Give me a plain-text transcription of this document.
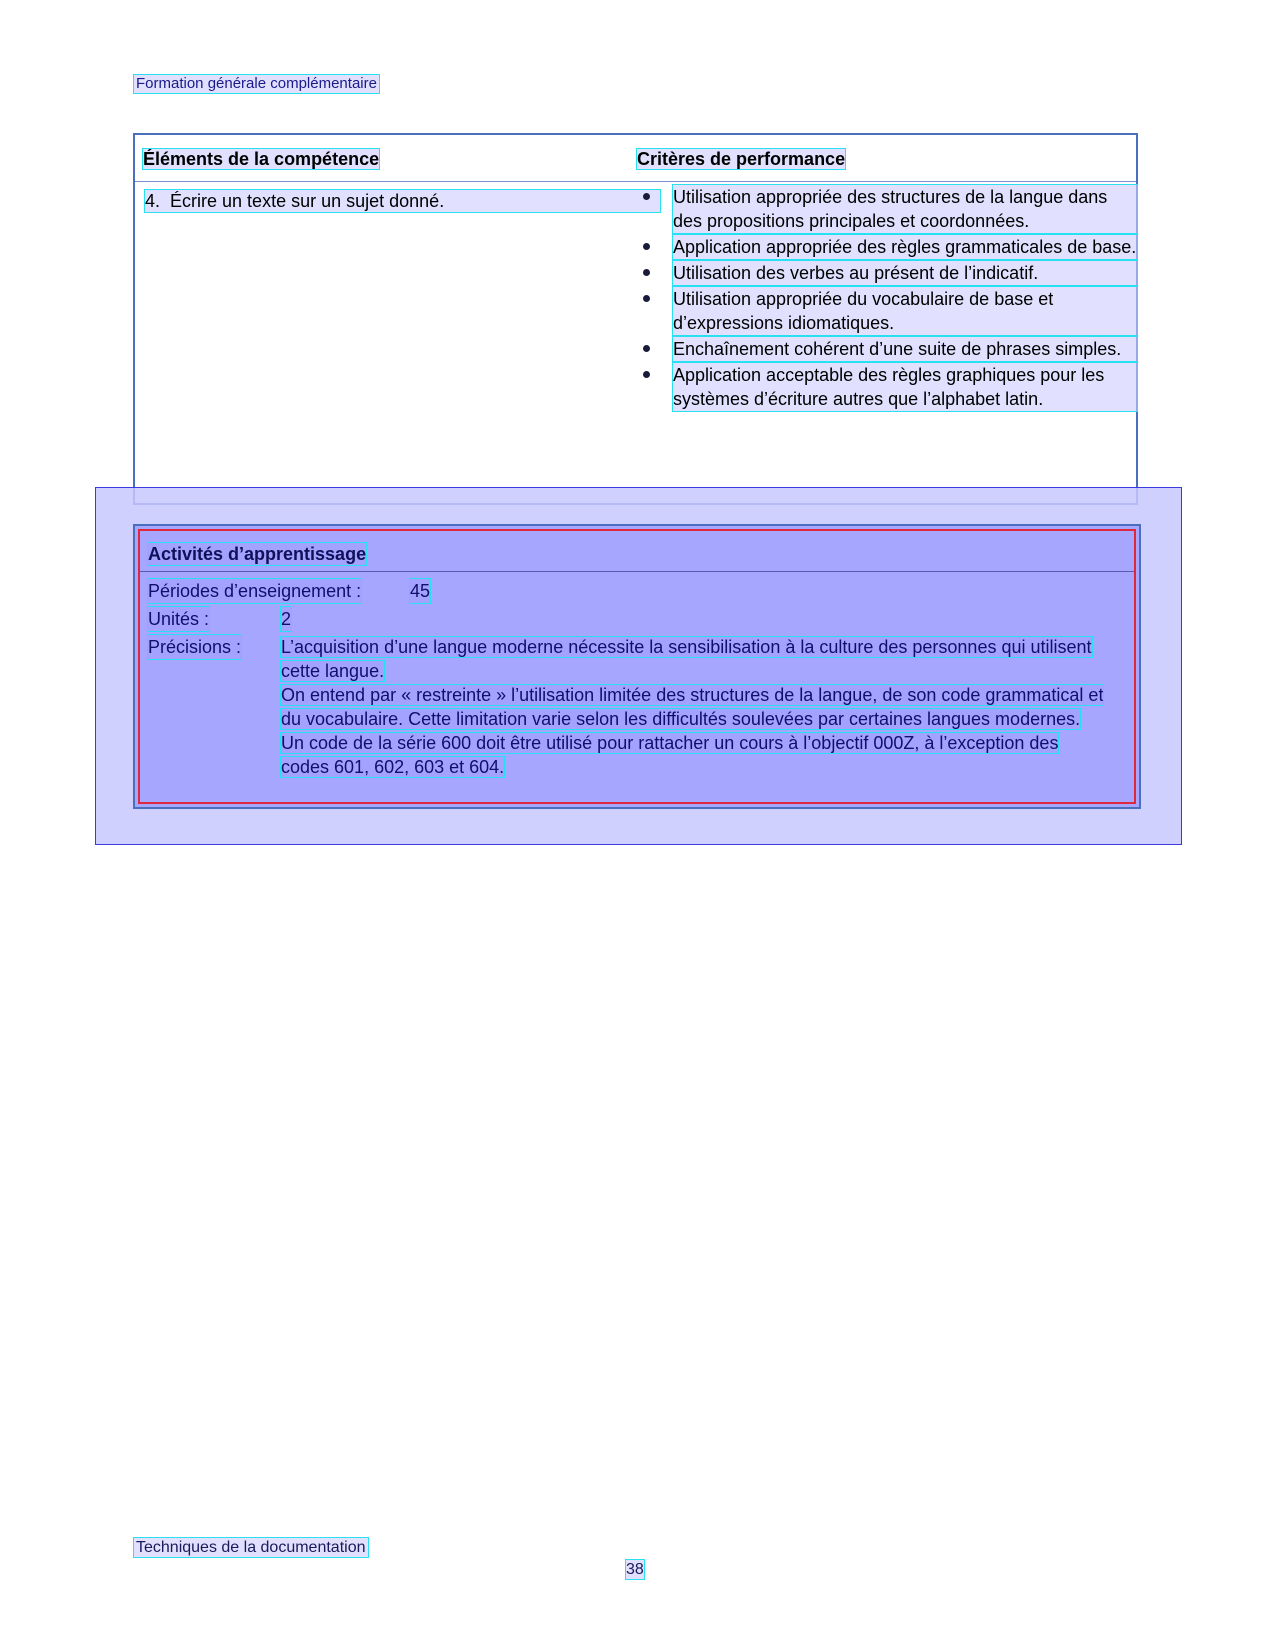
Formation générale complémentaire
Éléments de la compétence	Critères de performance
4. Écrire un texte sur un sujet donné.	Utilisation appropriée des structures de la langue dans des propositions principales et coordonnées.
Application appropriée des règles grammaticales de base.
Utilisation des verbes au présent de l’indicatif.
Utilisation appropriée du vocabulaire de base et d’expressions idiomatiques.
Enchaînement cohérent d’une suite de phrases simples.
Application acceptable des règles graphiques pour les systèmes d’écriture autres que l’alphabet latin.
Activités d’apprentissage
Périodes d’enseignement :	45
Unités :	2
Précisions : L’acquisition d’une langue moderne nécessite la sensibilisation à la culture des personnes qui utilisent cette langue.

On entend par « restreinte » l’utilisation limitée des structures de la langue, de son code grammatical et du vocabulaire. Cette limitation varie selon les difficultés soulevées par certaines langues modernes.

Un code de la série 600 doit être utilisé pour rattacher un cours à l’objectif 000Z, à l’exception des codes 601, 602, 603 et 604.

Techniques de la documentation
38
